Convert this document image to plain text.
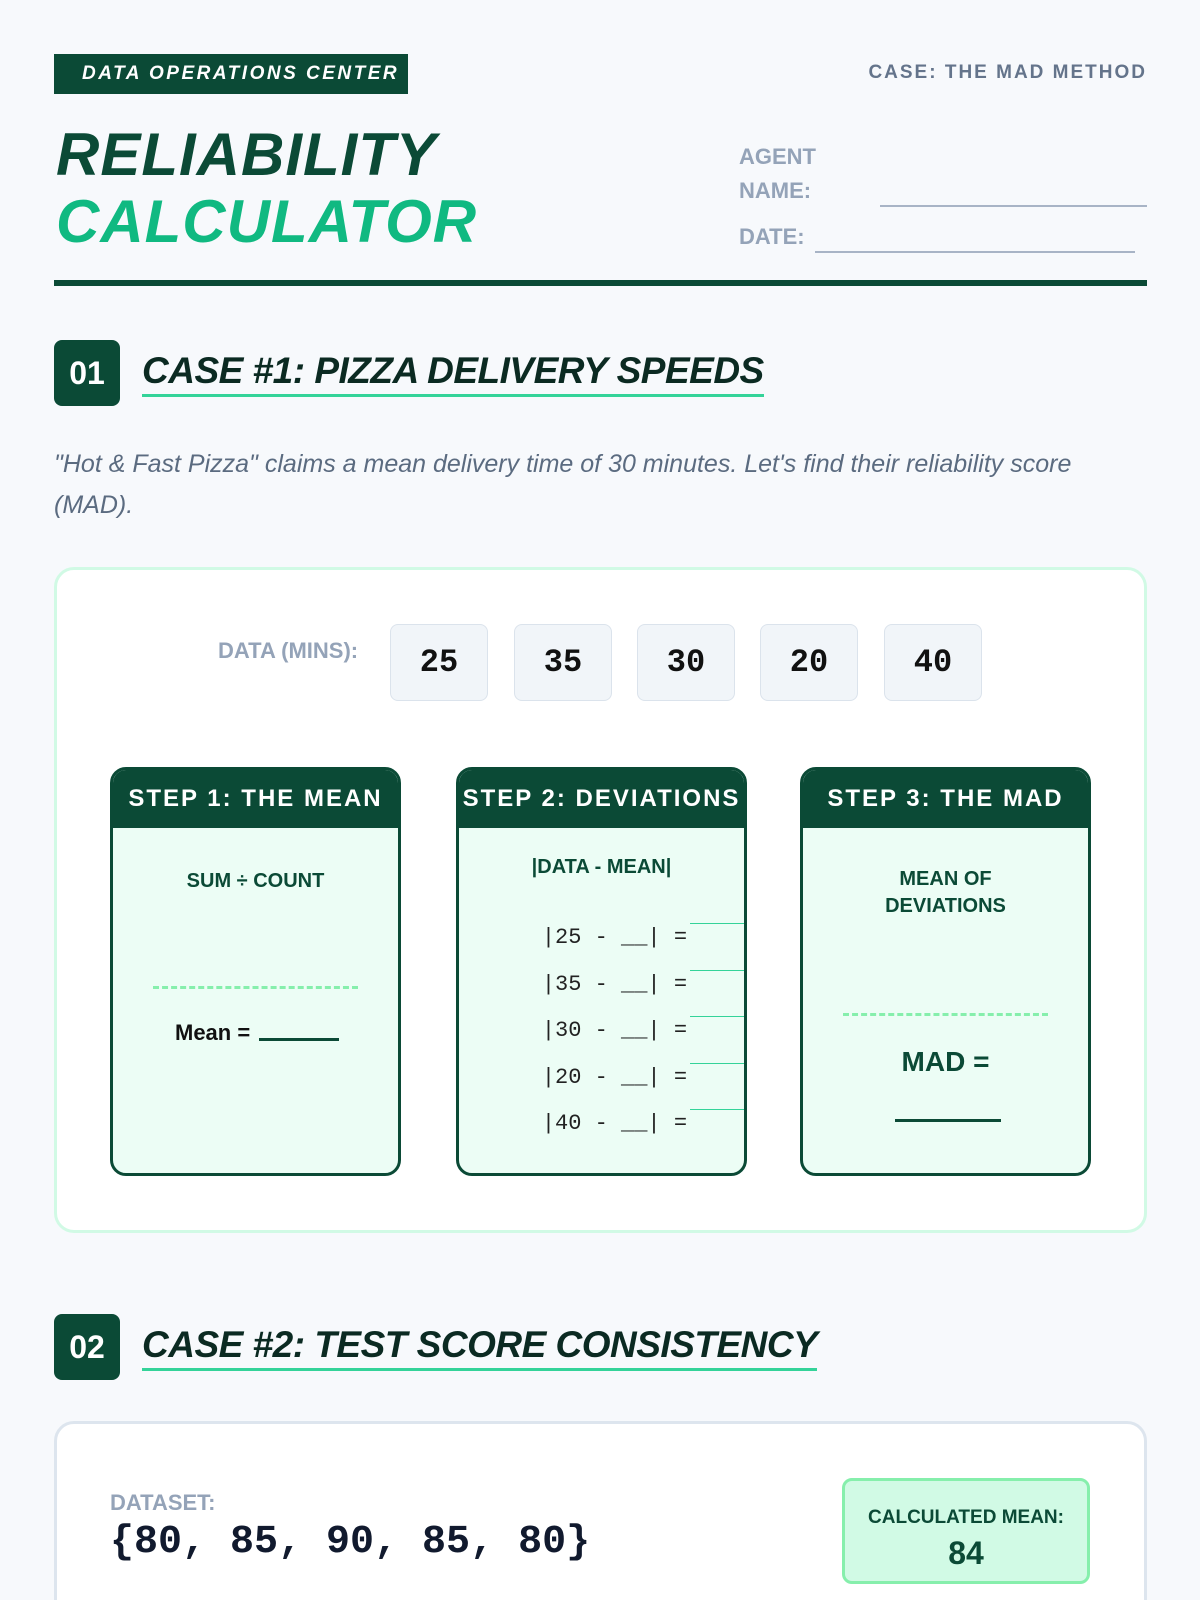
DATA OPERATIONS CENTER	CASE: THE MAD METHOD
RELIABILITY
CALCULATOR
AGENT
NAME:
DATE:
01	CASE #1: PIZZA DELIVERY SPEEDS
"Hot & Fast Pizza" claims a mean delivery time of 30 minutes. Let's find their reliability score (MAD).
DATA (MINS):	25	35	30	20	40
STEP 1: THE MEAN
SUM ÷ COUNT
Mean =
STEP 2: DEVIATIONS
|DATA - MEAN|

|25 - __| =

|35 - __| =

|30 - __| =

|20 - __| =

|40 - __| =

STEP 3: THE MAD
MEAN OF
DEVIATIONS
MAD =
02	CASE #2: TEST SCORE CONSISTENCY
DATASET:
{80, 85, 90, 85, 80}
CALCULATED MEAN:
84
